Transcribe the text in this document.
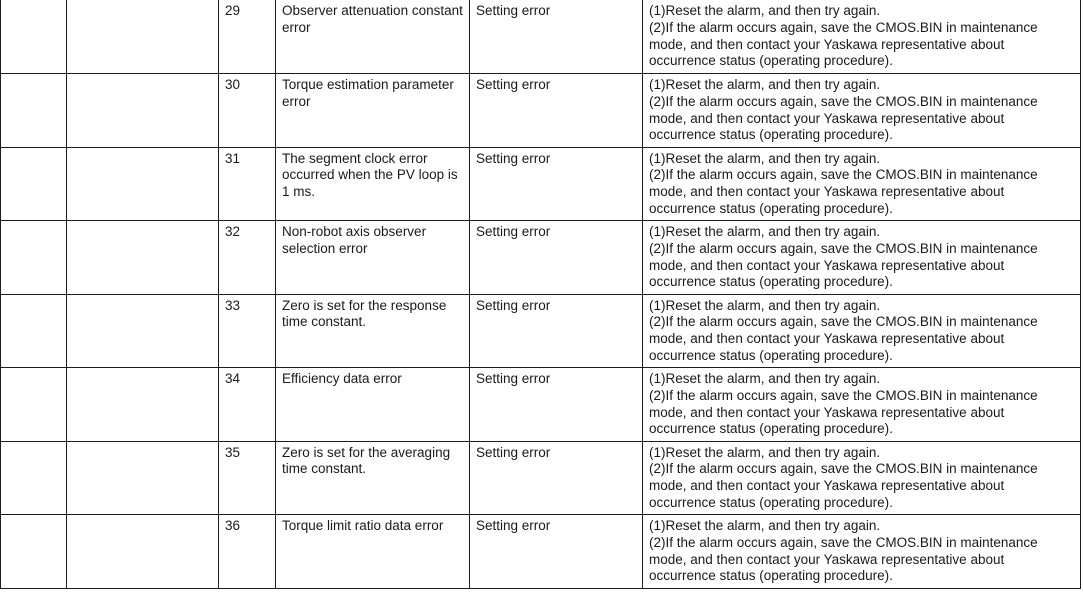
		29	Observer attenuation constant error	Setting error	(1)Reset the alarm, and then try again.
(2)If the alarm occurs again, save the CMOS.BIN in maintenance mode, and then contact your Yaskawa representative about occurrence status (operating procedure).

		30	Torque estimation parameter error	Setting error	(1)Reset the alarm, and then try again.
(2)If the alarm occurs again, save the CMOS.BIN in maintenance mode, and then contact your Yaskawa representative about occurrence status (operating procedure).

		31	The segment clock error occurred when the PV loop is 1 ms.	Setting error	(1)Reset the alarm, and then try again.
(2)If the alarm occurs again, save the CMOS.BIN in maintenance mode, and then contact your Yaskawa representative about occurrence status (operating procedure).

		32	Non-robot axis observer selection error	Setting error	(1)Reset the alarm, and then try again.
(2)If the alarm occurs again, save the CMOS.BIN in maintenance mode, and then contact your Yaskawa representative about occurrence status (operating procedure).

		33	Zero is set for the response time constant.	Setting error	(1)Reset the alarm, and then try again.
(2)If the alarm occurs again, save the CMOS.BIN in maintenance mode, and then contact your Yaskawa representative about occurrence status (operating procedure).

		34	Efficiency data error	Setting error	(1)Reset the alarm, and then try again.
(2)If the alarm occurs again, save the CMOS.BIN in maintenance mode, and then contact your Yaskawa representative about occurrence status (operating procedure).

		35	Zero is set for the averaging time constant.	Setting error	(1)Reset the alarm, and then try again.
(2)If the alarm occurs again, save the CMOS.BIN in maintenance mode, and then contact your Yaskawa representative about occurrence status (operating procedure).

		36	Torque limit ratio data error	Setting error	(1)Reset the alarm, and then try again.
(2)If the alarm occurs again, save the CMOS.BIN in maintenance mode, and then contact your Yaskawa representative about occurrence status (operating procedure).
